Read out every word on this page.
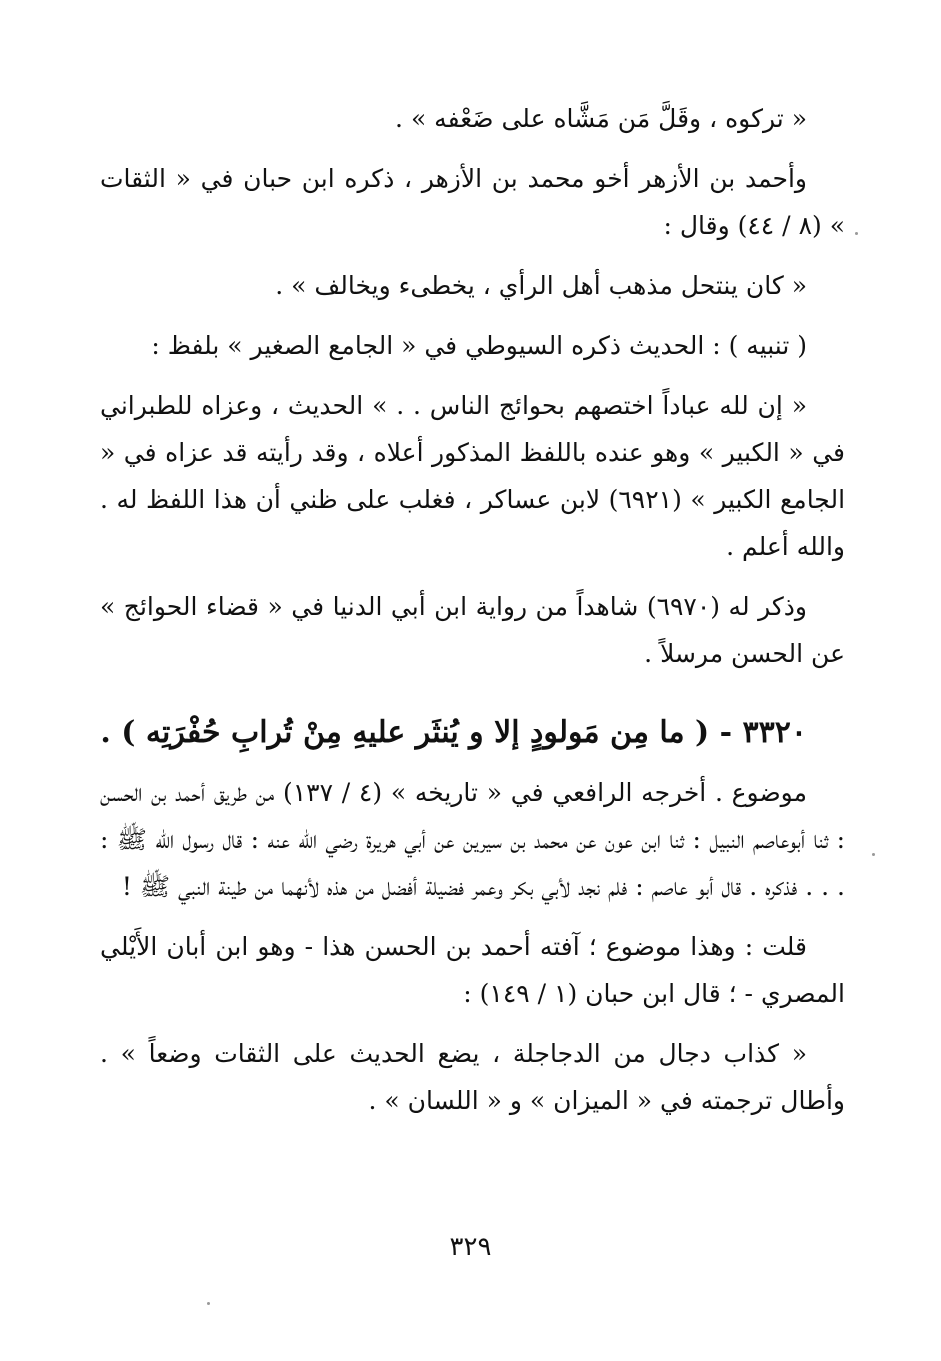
« تركوه ، وقَلَّ مَن مَشَّاه على ضَعْفه » .

وأحمد بن الأزهر أخو محمد بن الأزهر ، ذكره ابن حبان في « الثقات » (٨ / ٤٤) وقال :

« كان ينتحل مذهب أهل الرأي ، يخطىء ويخالف » .

( تنبيه ) : الحديث ذكره السيوطي في « الجامع الصغير » بلفظ :

« إن لله عباداً اختصهم بحوائج الناس . . » الحديث ، وعزاه للطبراني في « الكبير » وهو عنده باللفظ المذكور أعلاه ، وقد رأيته قد عزاه في « الجامع الكبير » (٦٩٢١) لابن عساكر ، فغلب على ظني أن هذا اللفظ له . والله أعلم .

وذكر له (٦٩٧٠) شاهداً من رواية ابن أبي الدنيا في « قضاء الحوائج » عن الحسن مرسلاً .

٣٣٢٠ - ( ما مِن مَولودٍ إلا و يُنثَر عليهِ مِنْ تُرابِ حُفْرَتِه ) .

موضوع . أخرجه الرافعي في « تاريخه » (٤ / ١٣٧) من طريق أحمد بن الحسن : ثنا أبوعاصم النبيل : ثنا ابن عون عن محمد بن سيرين عن أبي هريرة رضي الله عنه : قال رسول الله ﷺ : . . . فذكره . قال أبو عاصم : فلم نجد لأبي بكر وعمر فضيلة أفضل من هذه لأنهما من طينة النبي ﷺ !

قلت : وهذا موضوع ؛ آفته أحمد بن الحسن هذا - وهو ابن أبان الأَيْلي المصري - ؛ قال ابن حبان (١ / ١٤٩) :

« كذاب دجال من الدجاجلة ، يضع الحديث على الثقات وضعاً » . وأطال ترجمته في « الميزان » و « اللسان » .

٣٢٩
